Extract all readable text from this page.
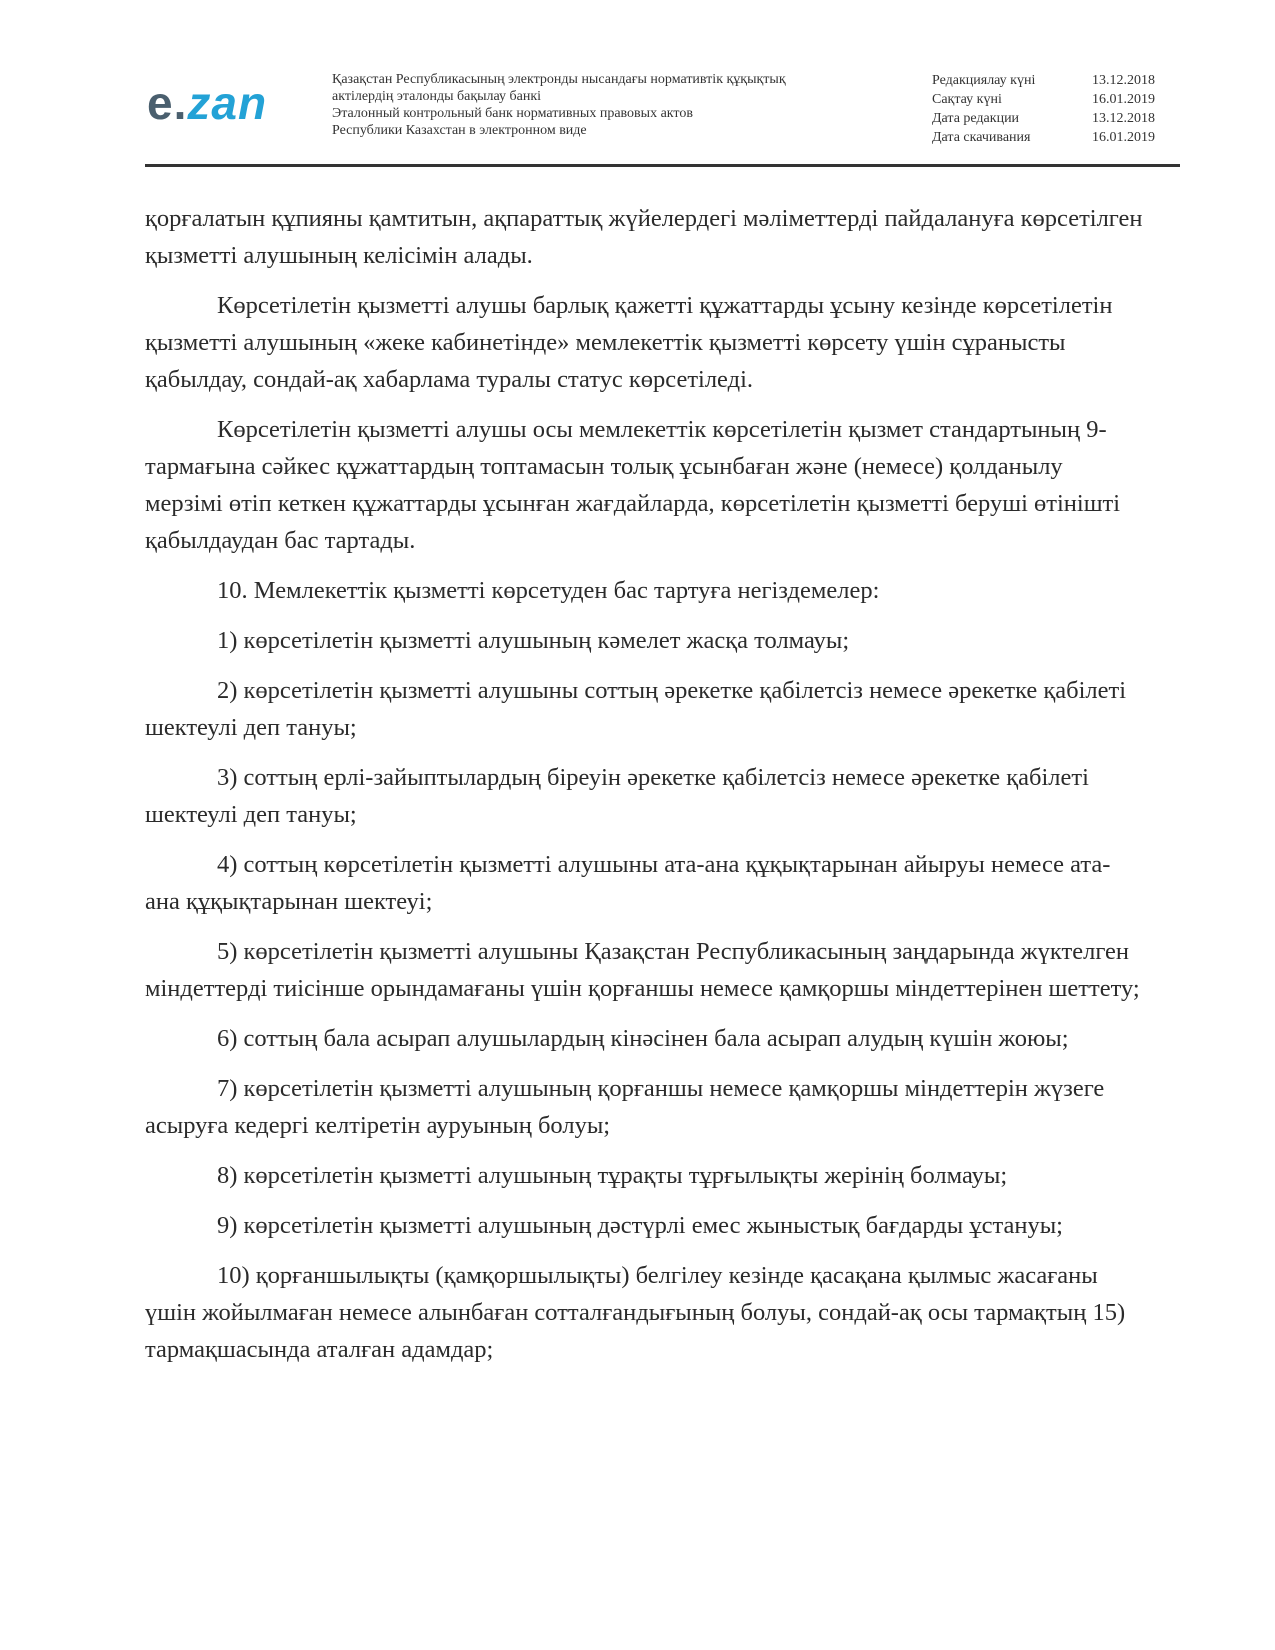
e.zan	Қазақстан Республикасының электронды нысандағы нормативтік құқықтық
актілердің эталонды бақылау банкі
Эталонный контрольный банк нормативных правовых актов
Республики Казахстан в электронном виде
Редакциялау күні	13.12.2018
Сақтау күні	16.01.2019
Дата редакции	13.12.2018
Дата скачивания	16.01.2019

қорғалатын құпияны қамтитын, ақпараттық жүйелердегі мәліметтерді пайдалануға көрсетілген қызметті алушының келісімін алады.

Көрсетілетін қызметті алушы барлық қажетті құжаттарды ұсыну кезінде көрсетілетін қызметті алушының «жеке кабинетінде» мемлекеттік қызметті көрсету үшін сұранысты қабылдау, сондай-ақ хабарлама туралы статус көрсетіледі.

Көрсетілетін қызметті алушы осы мемлекеттік көрсетілетін қызмет стандартының 9-тармағына сәйкес құжаттардың топтамасын толық ұсынбаған және (немесе) қолданылу мерзімі өтіп кеткен құжаттарды ұсынған жағдайларда, көрсетілетін қызметті беруші өтінішті қабылдаудан бас тартады.

10. Мемлекеттік қызметті көрсетуден бас тартуға негіздемелер:

1) көрсетілетін қызметті алушының кәмелет жасқа толмауы;

2) көрсетілетін қызметті алушыны соттың әрекетке қабілетсіз немесе әрекетке қабілеті шектеулі деп тануы;

3) соттың ерлі-зайыптылардың біреуін әрекетке қабілетсіз немесе әрекетке қабілеті шектеулі деп тануы;

4) соттың көрсетілетін қызметті алушыны ата-ана құқықтарынан айыруы немесе ата-ана құқықтарынан шектеуі;

5) көрсетілетін қызметті алушыны Қазақстан Республикасының заңдарында жүктелген міндеттерді тиісінше орындамағаны үшін қорғаншы немесе қамқоршы міндеттерінен шеттету;

6) соттың бала асырап алушылардың кінәсінен бала асырап алудың күшін жоюы;

7) көрсетілетін қызметті алушының қорғаншы немесе қамқоршы міндеттерін жүзеге асыруға кедергі келтіретін ауруының болуы;

8) көрсетілетін қызметті алушының тұрақты тұрғылықты жерінің болмауы;

9) көрсетілетін қызметті алушының дәстүрлі емес жыныстық бағдарды ұстануы;

10) қорғаншылықты (қамқоршылықты) белгілеу кезінде қасақана қылмыс жасағаны үшін жойылмаған немесе алынбаған сотталғандығының болуы, сондай-ақ осы тармақтың 15) тармақшасында аталған адамдар;
